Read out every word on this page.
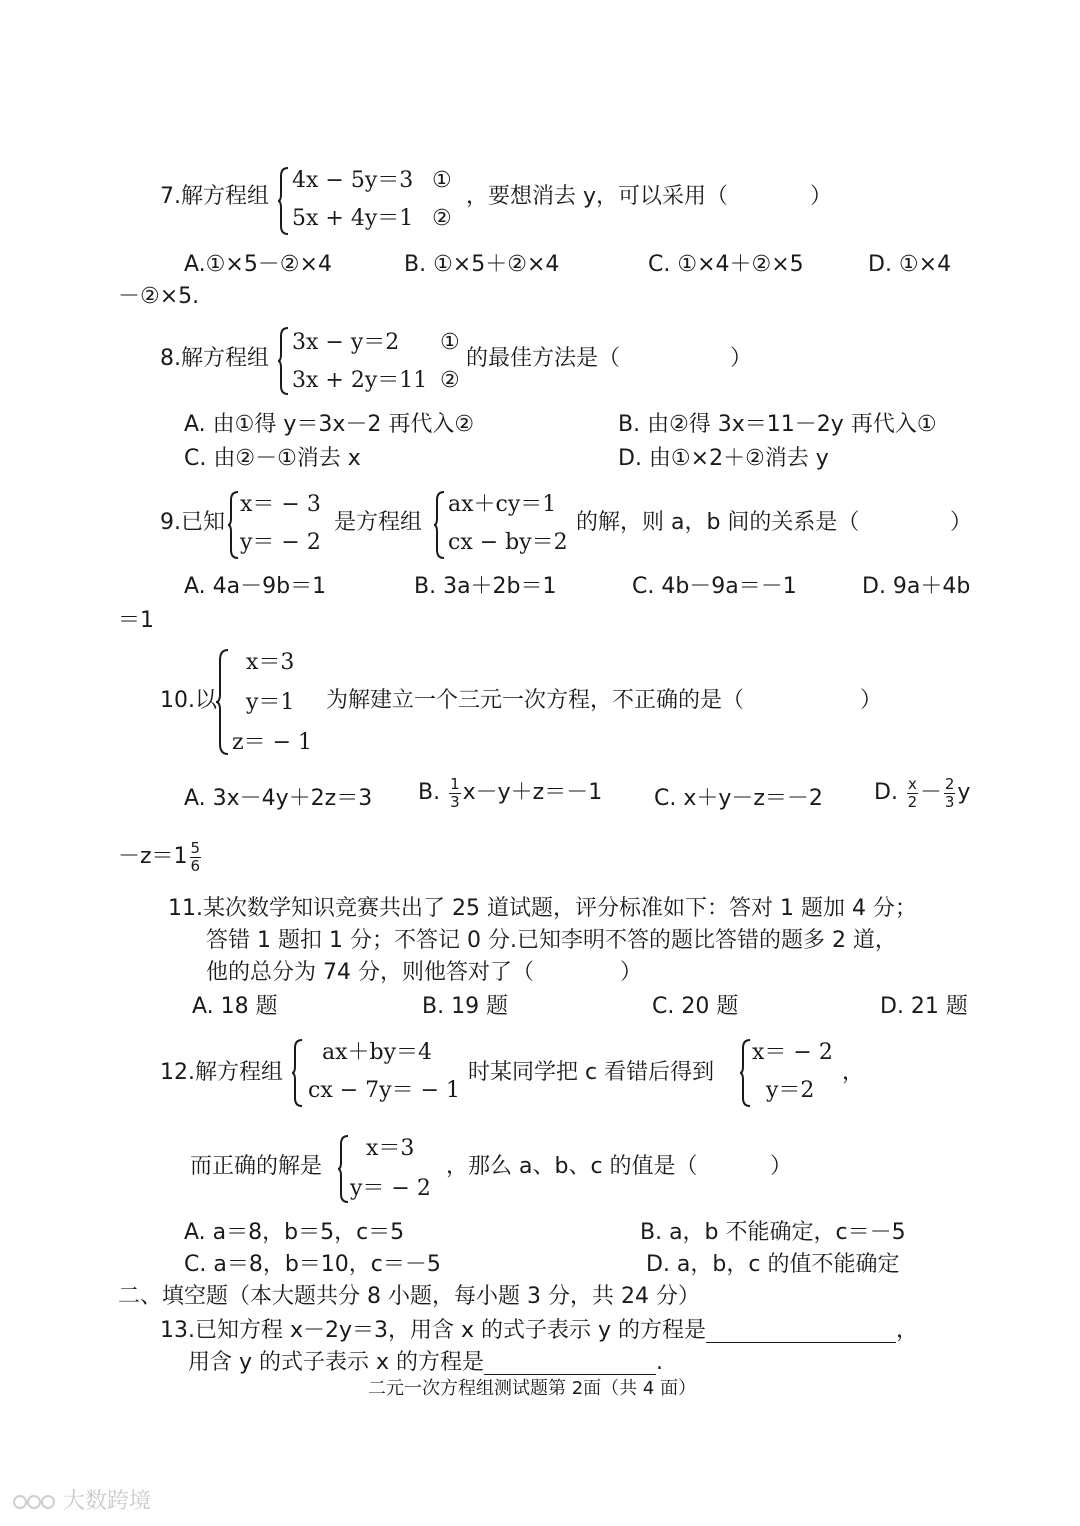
7.解方程组
4x − 5y＝3 ①
5x + 4y＝1 ②
，要想消去 y，可以采用（	）
A.①×5－②×4	B. ①×5＋②×4	C. ①×4＋②×5	D. ①×4
－②×5.
8.解方程组
3x − y＝2 ①
3x + 2y＝11 ②
的最佳方法是（	）
A. 由①得 y＝3x－2 再代入②	B. 由②得 3x＝11－2y 再代入①
C. 由②－①消去 x	D. 由①×2＋②消去 y
9.已知
x＝ − 3
y＝ − 2
是方程组
ax＋cy＝1
cx − by＝2
的解，则 a，b 间的关系是（	）
A. 4a－9b＝1	B. 3a＋2b＝1	C. 4b－9a＝－1	D. 9a＋4b
＝1
10.以
x＝3
y＝1
z＝ − 1
为解建立一个三元一次方程，不正确的是（	）
A. 3x－4y＋2z＝3 B. $\frac{1}{3} x-y+z=-1$ C. x＋y－z＝－2 D. $\frac{x}{2} - \frac{2}{3}$ y
$-z=1 \frac{5}{6}$
11.某次数学知识竞赛共出了 25 道试题，评分标准如下：答对 1 题加 4 分；
答错 1 题扣 1 分；不答记 0 分.已知李明不答的题比答错的题多 2 道，
他的总分为 74 分，则他答对了（	）
A. 18 题	B. 19 题	C. 20 题	D. 21 题
12.解方程组
ax＋by＝4
cx − 7y＝ − 1
时某同学把 c 看错后得到
x＝ − 2
y＝2
，
而正确的解是
x＝3
y＝ − 2
，那么 a、b、c 的值是（	）
A. a＝8，b＝5，c＝5	B. a，b 不能确定，c＝－5
C. a＝8，b＝10，c＝－5	D. a，b，c 的值不能确定
二、填空题（本大题共分 8 小题，每小题 3 分，共 24 分）
13.已知方程 x－2y＝3，用含 x 的式子表示 y 的方程是	，
用含 y 的式子表示 x 的方程是	.
二元一次方程组测试题第 2面（共 4 面）
大数跨境
